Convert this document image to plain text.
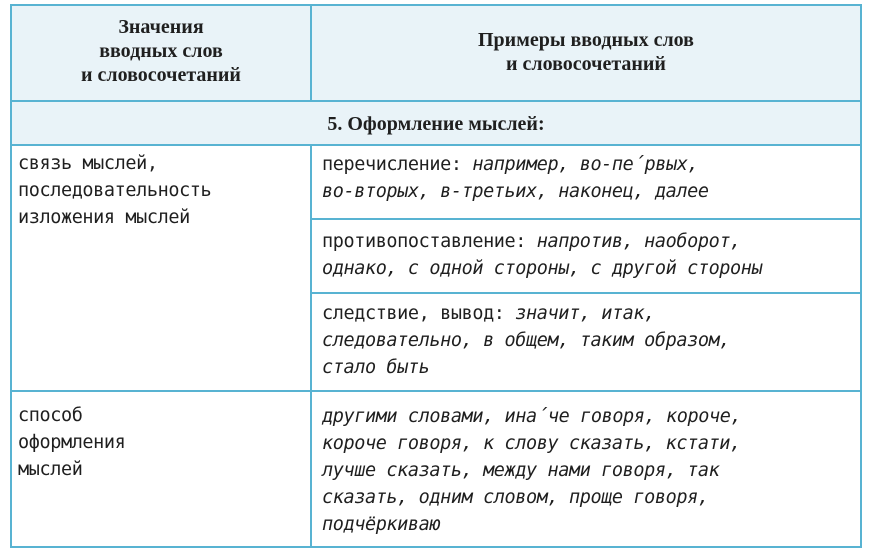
Значения
вводных слов
и словосочетаний
Примеры вводных слов
и словосочетаний
5. Оформление мыслей:
связь мыслей,
последовательность
изложения мыслей
перечисление: например, во-пе́рвых,
во-вторых, в-третьих, наконец, далее
противопоставление: напротив, наоборот,
однако, с одной стороны, с другой стороны
следствие, вывод: значит, итак,
следовательно, в общем, таким образом,
стало быть
способ
оформления
мыслей
другими словами, ина́че говоря, короче,
короче говоря, к слову сказать, кстати,
лучше сказать, между нами говоря, так
сказать, одним словом, проще говоря,
подчёркиваю
